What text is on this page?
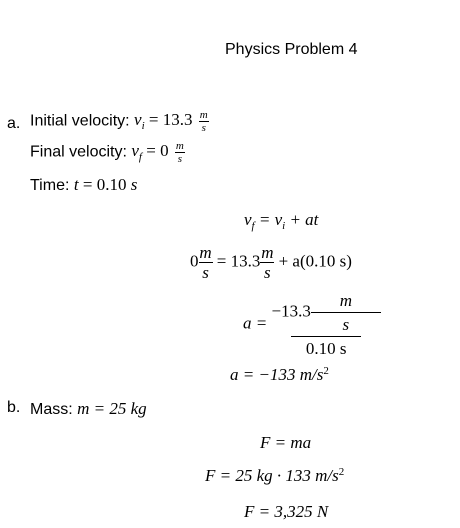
Physics Problem 4
a. Initial velocity: $v_i = 13.3 \frac{m}{s}$
Final velocity: $v_f = 0 \frac{m}{s}$
Time: t = 0.10 s
$v_f = v_i$ + at
$0 \frac{m}{s} = 13.3 \frac{m}{s} + a(0.10$ s)
$a = \frac{-13.3 \frac{m}{s}}{0.10 s}$
a = −133 $m/s^2$
b. Mass: m = 25 kg
F = ma
F = 25 kg · 133 $m/s^2$
F = 3,325 N
